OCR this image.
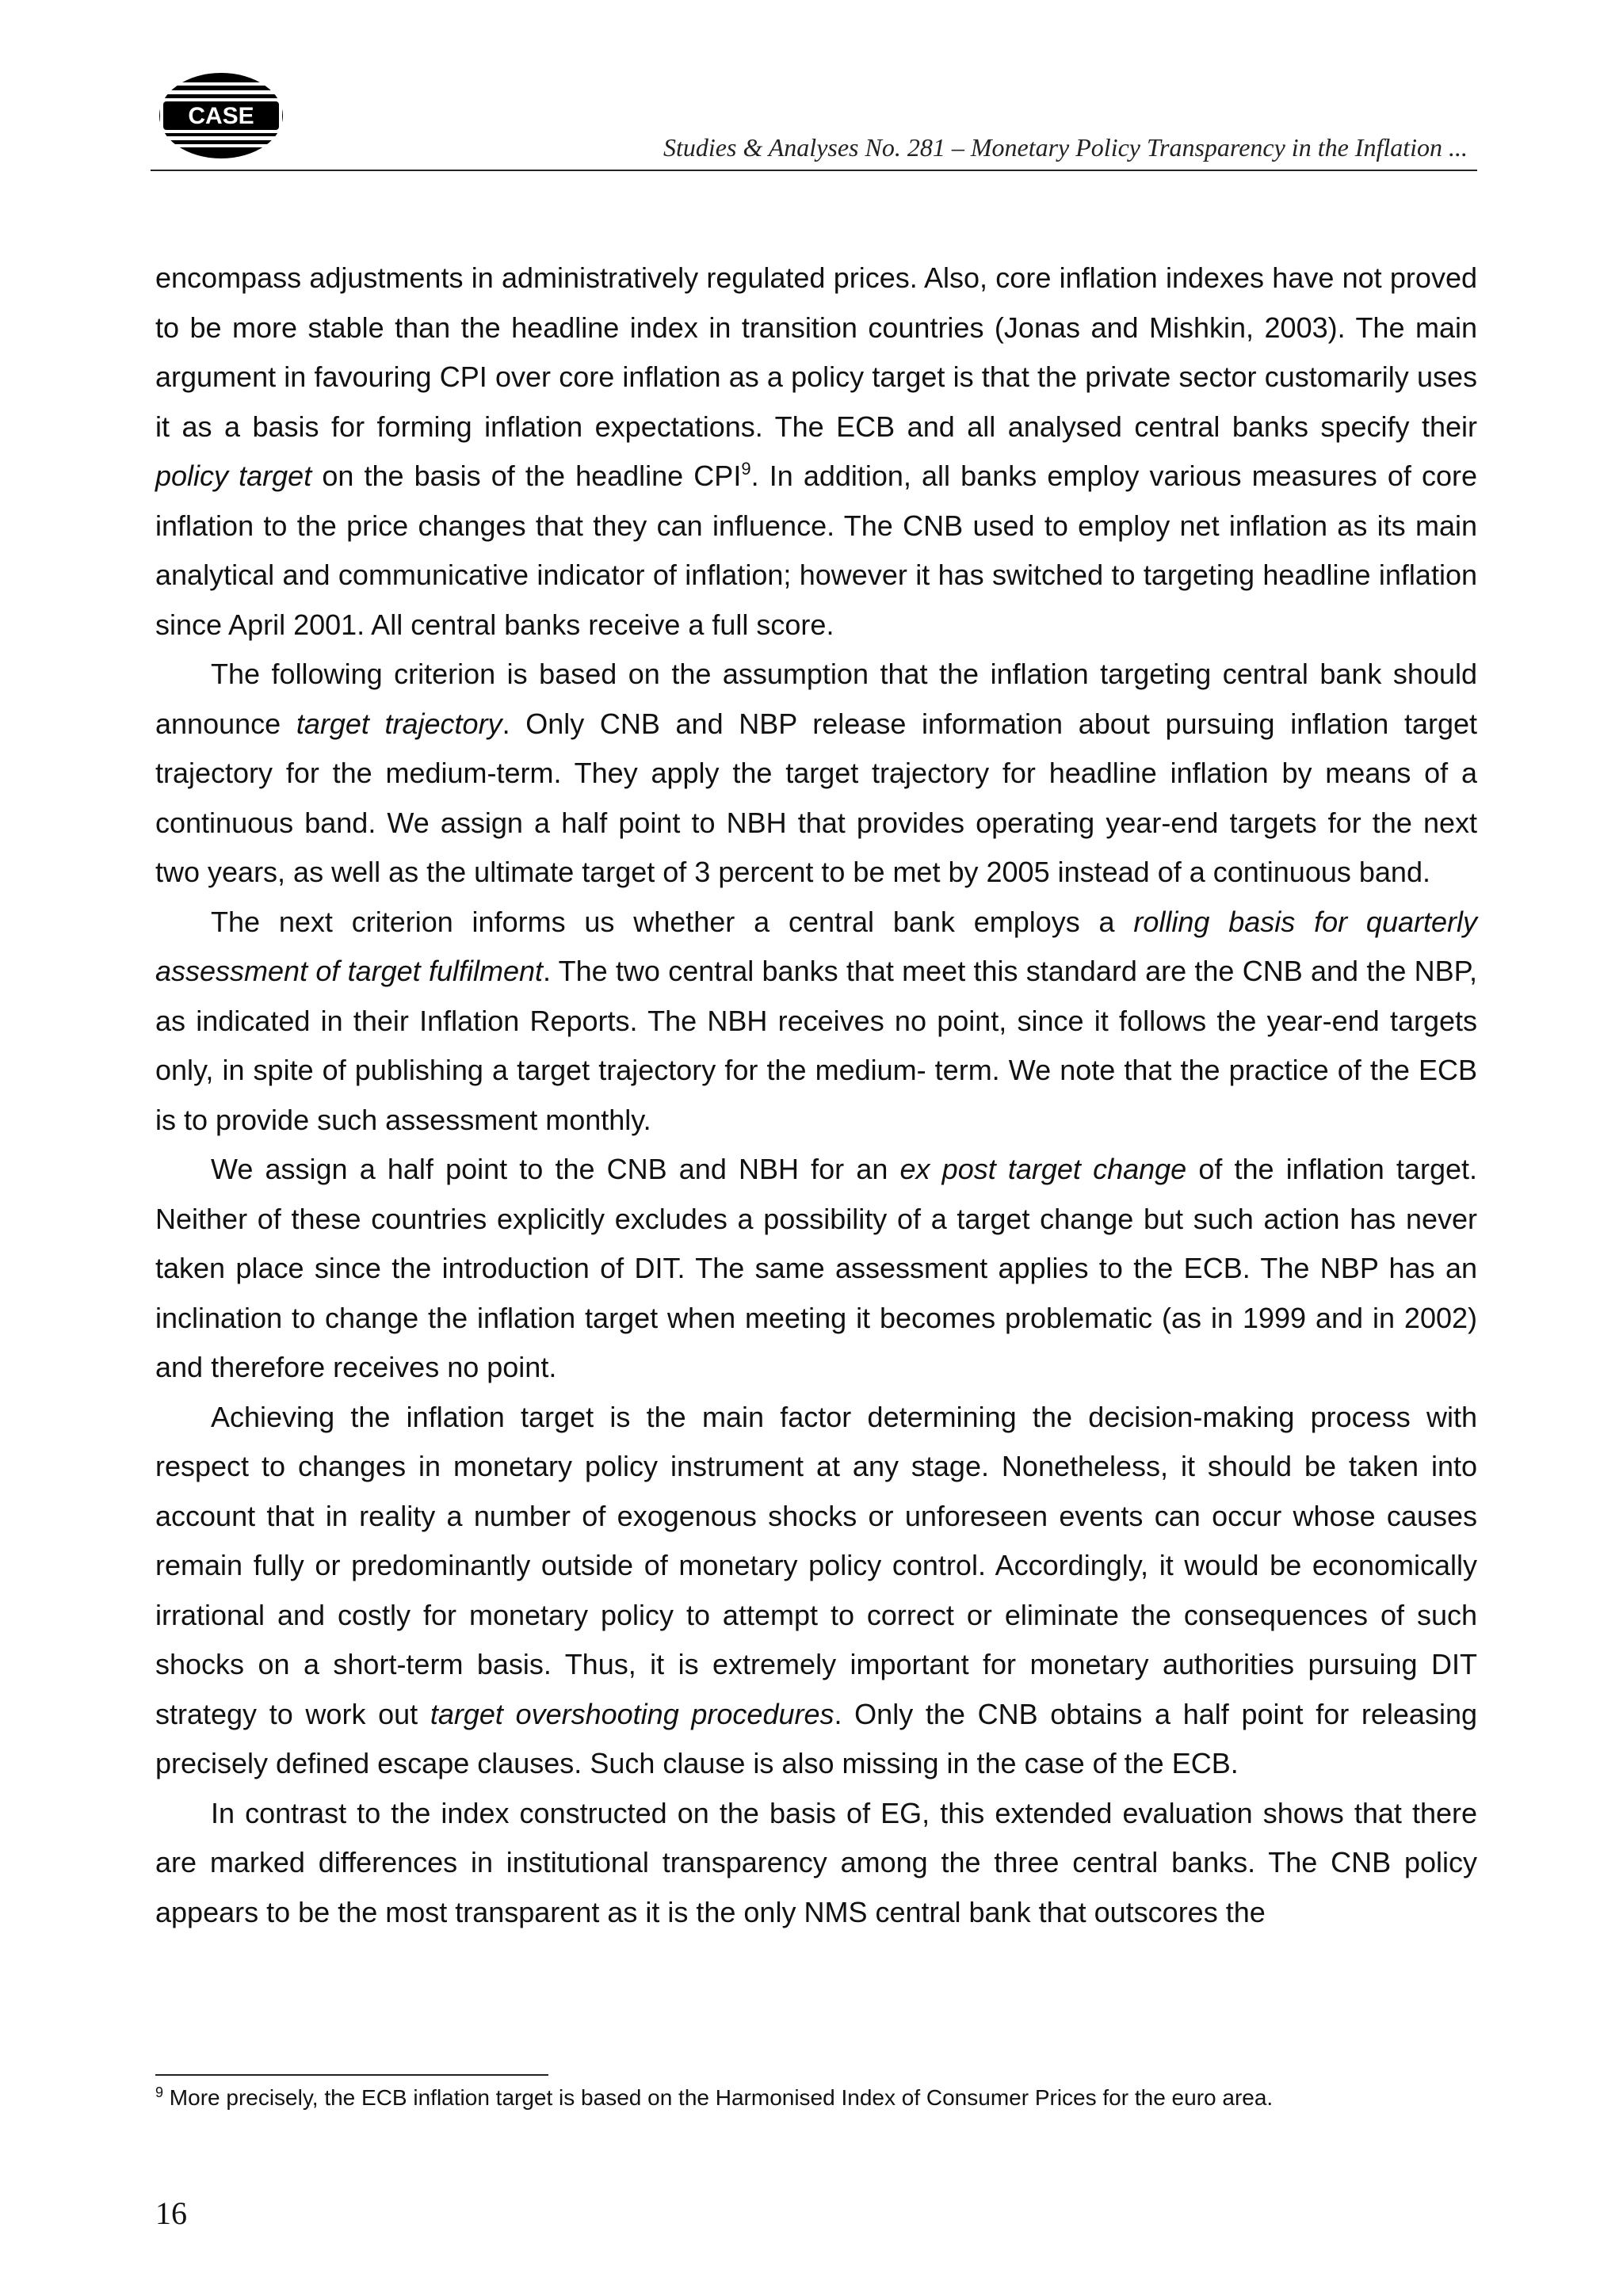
CASE
Studies & Analyses No. 281 – Monetary Policy Transparency in the Inflation ...

encompass adjustments in administratively regulated prices. Also, core inflation indexes have not proved to be more stable than the headline index in transition countries (Jonas and Mishkin, 2003). The main argument in favouring CPI over core inflation as a policy target is that the private sector customarily uses it as a basis for forming inflation expectations. The ECB and all analysed central banks specify their policy target on the basis of the headline CPI$^9$. In addition, all banks employ various measures of core inflation to the price changes that they can influence. The CNB used to employ net inflation as its main analytical and communicative indicator of inflation; however it has switched to targeting headline inflation since April 2001. All central banks receive a full score.

The following criterion is based on the assumption that the inflation targeting central bank should announce target trajectory. Only CNB and NBP release information about pursuing inflation target trajectory for the medium-term. They apply the target trajectory for headline inflation by means of a continuous band. We assign a half point to NBH that provides operating year-end targets for the next two years, as well as the ultimate target of 3 percent to be met by 2005 instead of a continuous band.

The next criterion informs us whether a central bank employs a rolling basis for quarterly assessment of target fulfilment. The two central banks that meet this standard are the CNB and the NBP, as indicated in their Inflation Reports. The NBH receives no point, since it follows the year-end targets only, in spite of publishing a target trajectory for the medium- term. We note that the practice of the ECB is to provide such assessment monthly.

We assign a half point to the CNB and NBH for an ex post target change of the inflation target. Neither of these countries explicitly excludes a possibility of a target change but such action has never taken place since the introduction of DIT. The same assessment applies to the ECB. The NBP has an inclination to change the inflation target when meeting it becomes problematic (as in 1999 and in 2002) and therefore receives no point.

Achieving the inflation target is the main factor determining the decision-making process with respect to changes in monetary policy instrument at any stage. Nonetheless, it should be taken into account that in reality a number of exogenous shocks or unforeseen events can occur whose causes remain fully or predominantly outside of monetary policy control. Accordingly, it would be economically irrational and costly for monetary policy to attempt to correct or eliminate the consequences of such shocks on a short-term basis. Thus, it is extremely important for monetary authorities pursuing DIT strategy to work out target overshooting procedures. Only the CNB obtains a half point for releasing precisely defined escape clauses. Such clause is also missing in the case of the ECB.

In contrast to the index constructed on the basis of EG, this extended evaluation shows that there are marked differences in institutional transparency among the three central banks. The CNB policy appears to be the most transparent as it is the only NMS central bank that outscores the

$^9$ More precisely, the ECB inflation target is based on the Harmonised Index of Consumer Prices for the euro area.
16
